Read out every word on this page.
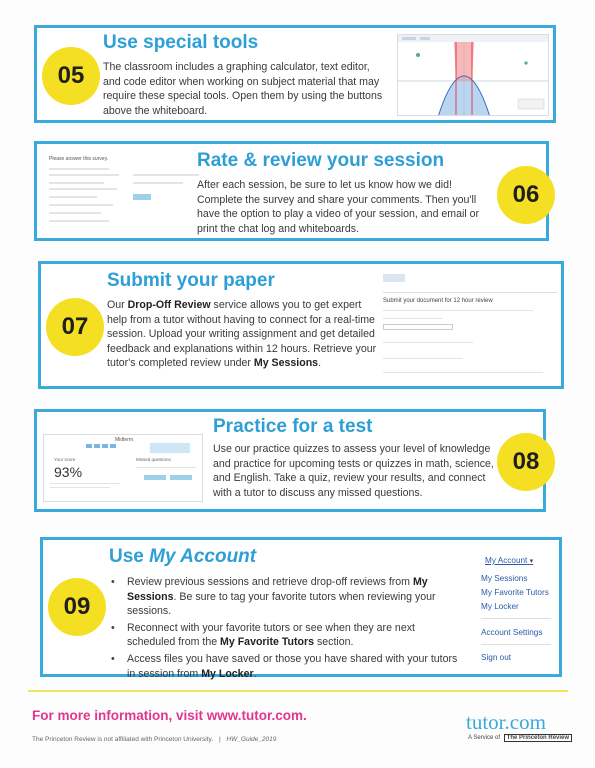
Use special tools
The classroom includes a graphing calculator, text editor, and code editor when working on subject material that may require these special tools. Open them by using the buttons above the whiteboard.
05
Please answer this survey.	Rate & review your session
After each session, be sure to let us know how we did! Complete the survey and share your comments. Then you'll have the option to play a video of your session, and email or print the chat log and whiteboards.
06
Submit your paper
Our Drop-Off Review service allows you to get expert help from a tutor without having to connect for a real-time session. Upload your writing assignment and get detailed feedback and explanations within 12 hours. Retrieve your tutor's completed review under My Sessions.
Submit your document for 12 hour review
07
Midterm
Your score
93%
Missed questions
Practice for a test
Use our practice quizzes to assess your level of knowledge and practice for upcoming tests or quizzes in math, science, and English. Take a quiz, review your results, and connect with a tutor to discuss any missed questions.
08
Use My Account
• Review previous sessions and retrieve drop-off reviews from My Sessions. Be sure to tag your favorite tutors when reviewing your sessions.
• Reconnect with your favorite tutors or see when they are next scheduled from the My Favorite Tutors section.
• Access files you have saved or those you have shared with your tutors in session from My Locker.
My Account ▾
My Sessions
My Favorite Tutors
My Locker
Account Settings
Sign out
09
For more information, visit www.tutor.com.
The Princeton Review is not affiliated with Princeton University. | HW_Guide_2019
tutor.com
A Service of The Princeton Review
